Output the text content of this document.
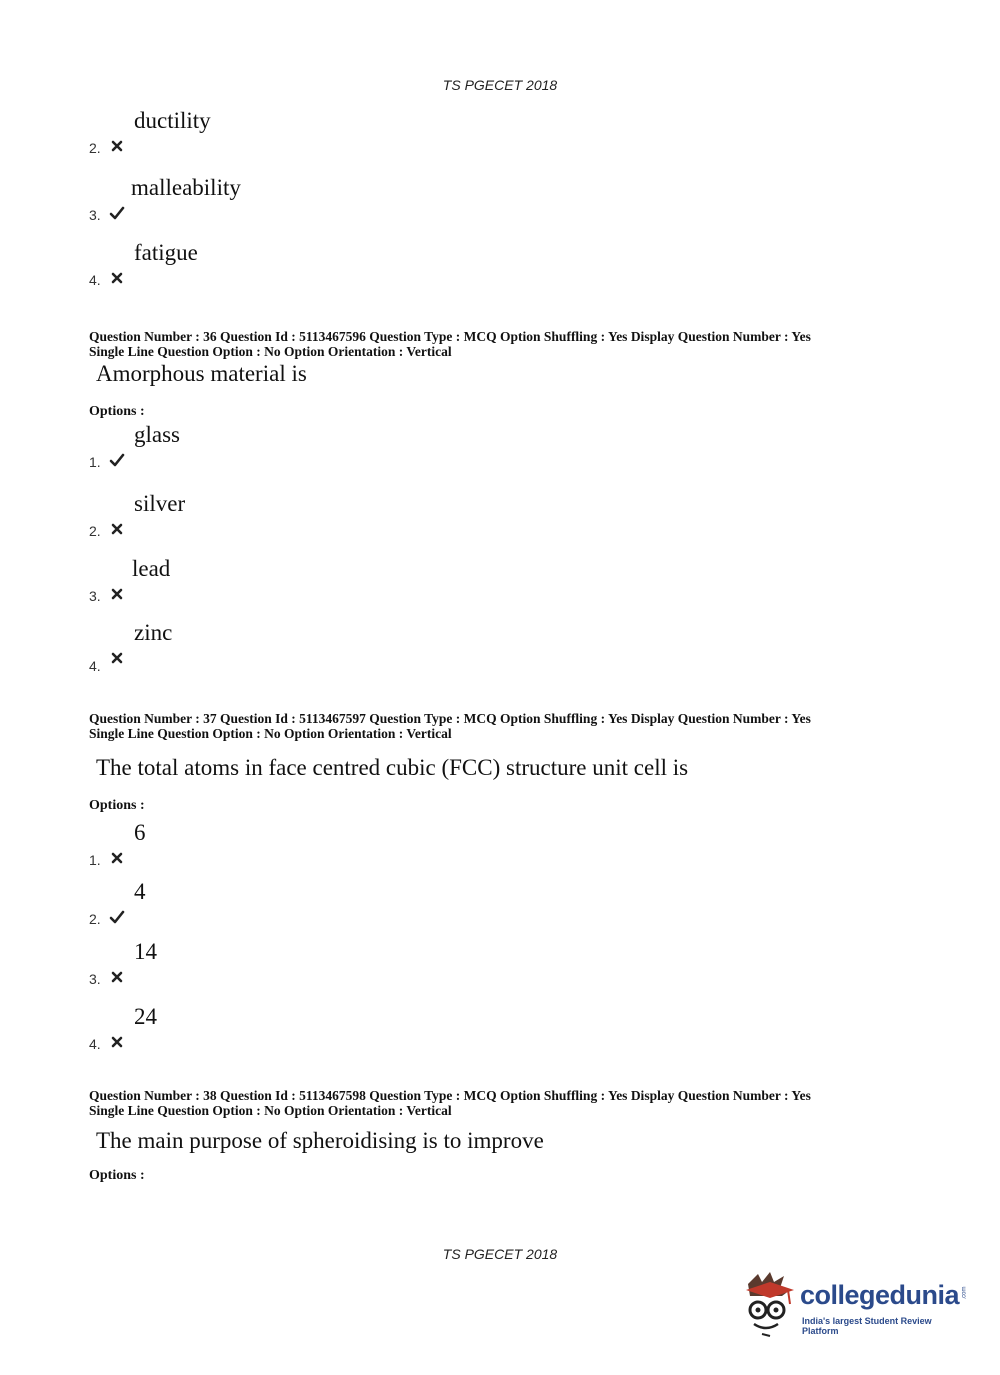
TS PGECET 2018
2.
ductility
3.
malleability
4.
fatigue
Question Number : 36 Question Id : 5113467596 Question Type : MCQ Option Shuffling : Yes Display Question Number : Yes
Single Line Question Option : No Option Orientation : Vertical
Amorphous material is
Options :
1.
glass
2.
silver
3.
lead
4.
zinc
Question Number : 37 Question Id : 5113467597 Question Type : MCQ Option Shuffling : Yes Display Question Number : Yes
Single Line Question Option : No Option Orientation : Vertical
The total atoms in face centred cubic (FCC) structure unit cell is
Options :
1.
6
2.
4
3.
14
4.
24
Question Number : 38 Question Id : 5113467598 Question Type : MCQ Option Shuffling : Yes Display Question Number : Yes
Single Line Question Option : No Option Orientation : Vertical
The main purpose of spheroidising is to improve
Options :
TS PGECET 2018
collegedunia .com
India's largest Student Review Platform
